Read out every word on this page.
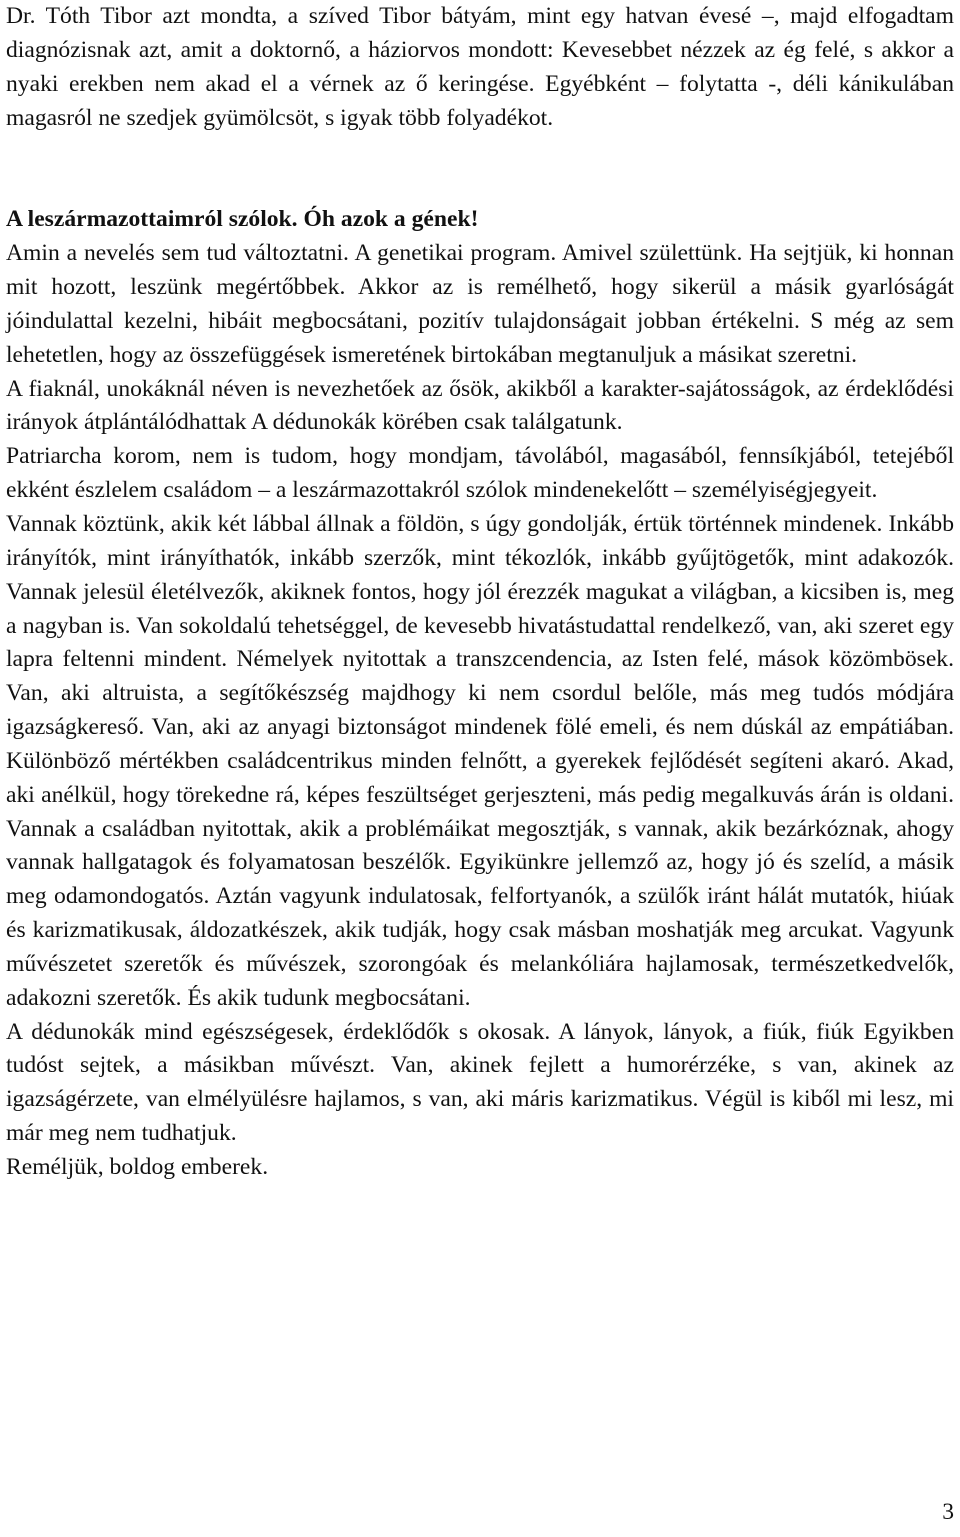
Dr. Tóth Tibor azt mondta, a szíved Tibor bátyám, mint egy hatvan évesé –, majd elfogadtam diagnózisnak azt, amit a doktornő, a háziorvos mondott: Kevesebbet nézzek az ég felé, s akkor a nyaki erekben nem akad el a vérnek az ő keringése. Egyébként – folytatta -, déli kánikulában magasról ne szedjek gyümölcsöt, s igyak több folyadékot.

A leszármazottaimról szólok. Óh azok a gének!

Amin a nevelés sem tud változtatni. A genetikai program. Amivel születtünk. Ha sejtjük, ki honnan mit hozott, leszünk megértőbbek. Akkor az is remélhető, hogy sikerül a másik gyarlóságát jóindulattal kezelni, hibáit megbocsátani, pozitív tulajdonságait jobban értékelni. S még az sem lehetetlen, hogy az összefüggések ismeretének birtokában megtanuljuk a másikat szeretni.

A fiaknál, unokáknál néven is nevezhetőek az ősök, akikből a karakter-sajátosságok, az érdeklődési irányok átplántálódhattak A dédunokák körében csak találgatunk.

Patriarcha korom, nem is tudom, hogy mondjam, távolából, magasából, fennsíkjából, tetejéből ekként észlelem családom – a leszármazottakról szólok mindenekelőtt – személyiségjegyeit.

Vannak köztünk, akik két lábbal állnak a földön, s úgy gondolják, értük történnek mindenek. Inkább irányítók, mint irányíthatók, inkább szerzők, mint tékozlók, inkább gyűjtögetők, mint adakozók. Vannak jelesül életélvezők, akiknek fontos, hogy jól érezzék magukat a világban, a kicsiben is, meg a nagyban is. Van sokoldalú tehetséggel, de kevesebb hivatástudattal rendelkező, van, aki szeret egy lapra feltenni mindent. Némelyek nyitottak a transzcendencia, az Isten felé, mások közömbösek. Van, aki altruista, a segítőkészség majdhogy ki nem csordul belőle, más meg tudós módjára igazságkereső. Van, aki az anyagi biztonságot mindenek fölé emeli, és nem dúskál az empátiában. Különböző mértékben családcentrikus minden felnőtt, a gyerekek fejlődését segíteni akaró. Akad, aki anélkül, hogy törekedne rá, képes feszültséget gerjeszteni, más pedig megalkuvás árán is oldani. Vannak a családban nyitottak, akik a problémáikat megosztják, s vannak, akik bezárkóznak, ahogy vannak hallgatagok és folyamatosan beszélők. Egyikünkre jellemző az, hogy jó és szelíd, a másik meg odamondogatós. Aztán vagyunk indulatosak, felfortyanók, a szülők iránt hálát mutatók, hiúak és karizmatikusak, áldozatkészek, akik tudják, hogy csak másban moshatják meg arcukat. Vagyunk művészetet szeretők és művészek, szorongóak és melankóliára hajlamosak, természetkedvelők, adakozni szeretők. És akik tudunk megbocsátani.

A dédunokák mind egészségesek, érdeklődők s okosak. A lányok, lányok, a fiúk, fiúk Egyikben tudóst sejtek, a másikban művészt. Van, akinek fejlett a humorérzéke, s van, akinek az igazságérzete, van elmélyülésre hajlamos, s van, aki máris karizmatikus. Végül is kiből mi lesz, mi már meg nem tudhatjuk.

Reméljük, boldog emberek.

3
